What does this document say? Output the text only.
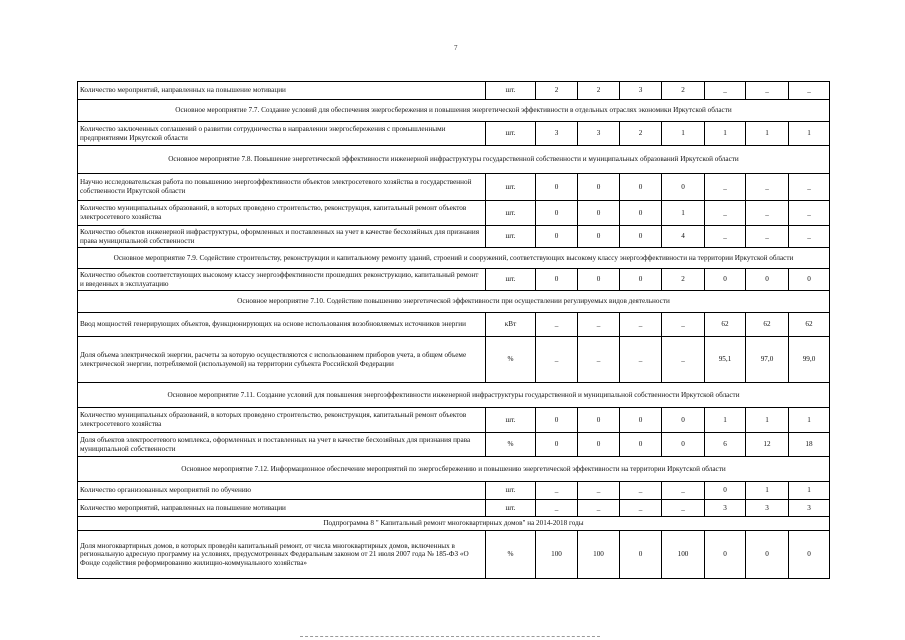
7
Количество мероприятий, направленных на повышение мотивации	шт.	2	2	3	2	_	_	_
Основное мероприятие 7.7. Создание условий для обеспечения энергосбережения и повышения энергетической эффективности в отдельных отраслях экономики Иркутской области								
Количество заключенных соглашений о развитии сотрудничества в направлении энергосбережения с промышленными предприятиями Иркутской области	шт.	3	3	2	1	1	1	1
Основное мероприятие 7.8. Повышение энергетической эффективности инженерной инфраструктуры государственной собственности и муниципальных образований Иркутской области								
Научно исследовательская работа по повышению энергоэффективности объектов электросетевого хозяйства в государственной собственности Иркутской области	шт.	0	0	0	0	_	_	_
Количество муниципальных образований, в которых проведено строительство, реконструкция, капитальный ремонт объектов электросетевого хозяйства	шт.	0	0	0	1	_	_	_
Количество объектов инженерной инфраструктуры, оформленных и поставленных на учет в качестве бесхозяйных для признания права муниципальной собственности	шт.	0	0	0	4	_	_	_
Основное мероприятие 7.9. Содействие строительству, реконструкции и капитальному ремонту зданий, строений и сооружений, соответствующих высокому классу энергоэффективности на территории Иркутской области								
Количество объектов соответствующих высокому классу энергоэффективности прошедших реконструкцию, капитальный ремонт и введенных в эксплуатацию	шт.	0	0	0	2	0	0	0
Основное мероприятие 7.10. Содействие повышению энергетической эффективности при осуществлении регулируемых видов деятельности								
Ввод мощностей генерирующих объектов, функционирующих на основе использования возобновляемых источников энергии	кВт	_	_	_	_	62	62	62
Доля объема электрической энергии, расчеты за которую осуществляются с использованием приборов учета, в общем объеме электрической энергии, потребляемой (используемой) на территории субъекта Российской Федерации	%	_	_	_	_	95,1	97,0	99,0
Основное мероприятие 7.11. Создание условий для повышения энергоэффективности инженерной инфраструктуры государственной и муниципальной собственности Иркутской области								
Количество муниципальных образований, в которых проведено строительство, реконструкция, капитальный ремонт объектов электросетевого хозяйства	шт.	0	0	0	0	1	1	1
Доля объектов электросетевого комплекса, оформленных и поставленных на учет в качестве бесхозяйных для признания права муниципальной собственности	%	0	0	0	0	6	12	18
Основное мероприятие 7.12. Информационное обеспечение мероприятий по энергосбережению и повышению энергетической эффективности на территории Иркутской области								
Количество организованных мероприятий по обучению	шт.	_	_	_	_	0	1	1
Количество мероприятий, направленных на повышение мотивации	шт.	_	_	_	_	3	3	3
Подпрограмма 8 " Капитальный ремонт многоквартирных домов" на 2014-2018 годы								
Доля многоквартирных домов, в которых проведён капитальный ремонт, от числа многоквартирных домов, включенных в региональную адресную программу на условиях, предусмотренных Федеральным законом от 21 июля 2007 года № 185-ФЗ «О Фонде содействия реформированию жилищно-коммунального хозяйства»	%	100	100	0	100	0	0	0
